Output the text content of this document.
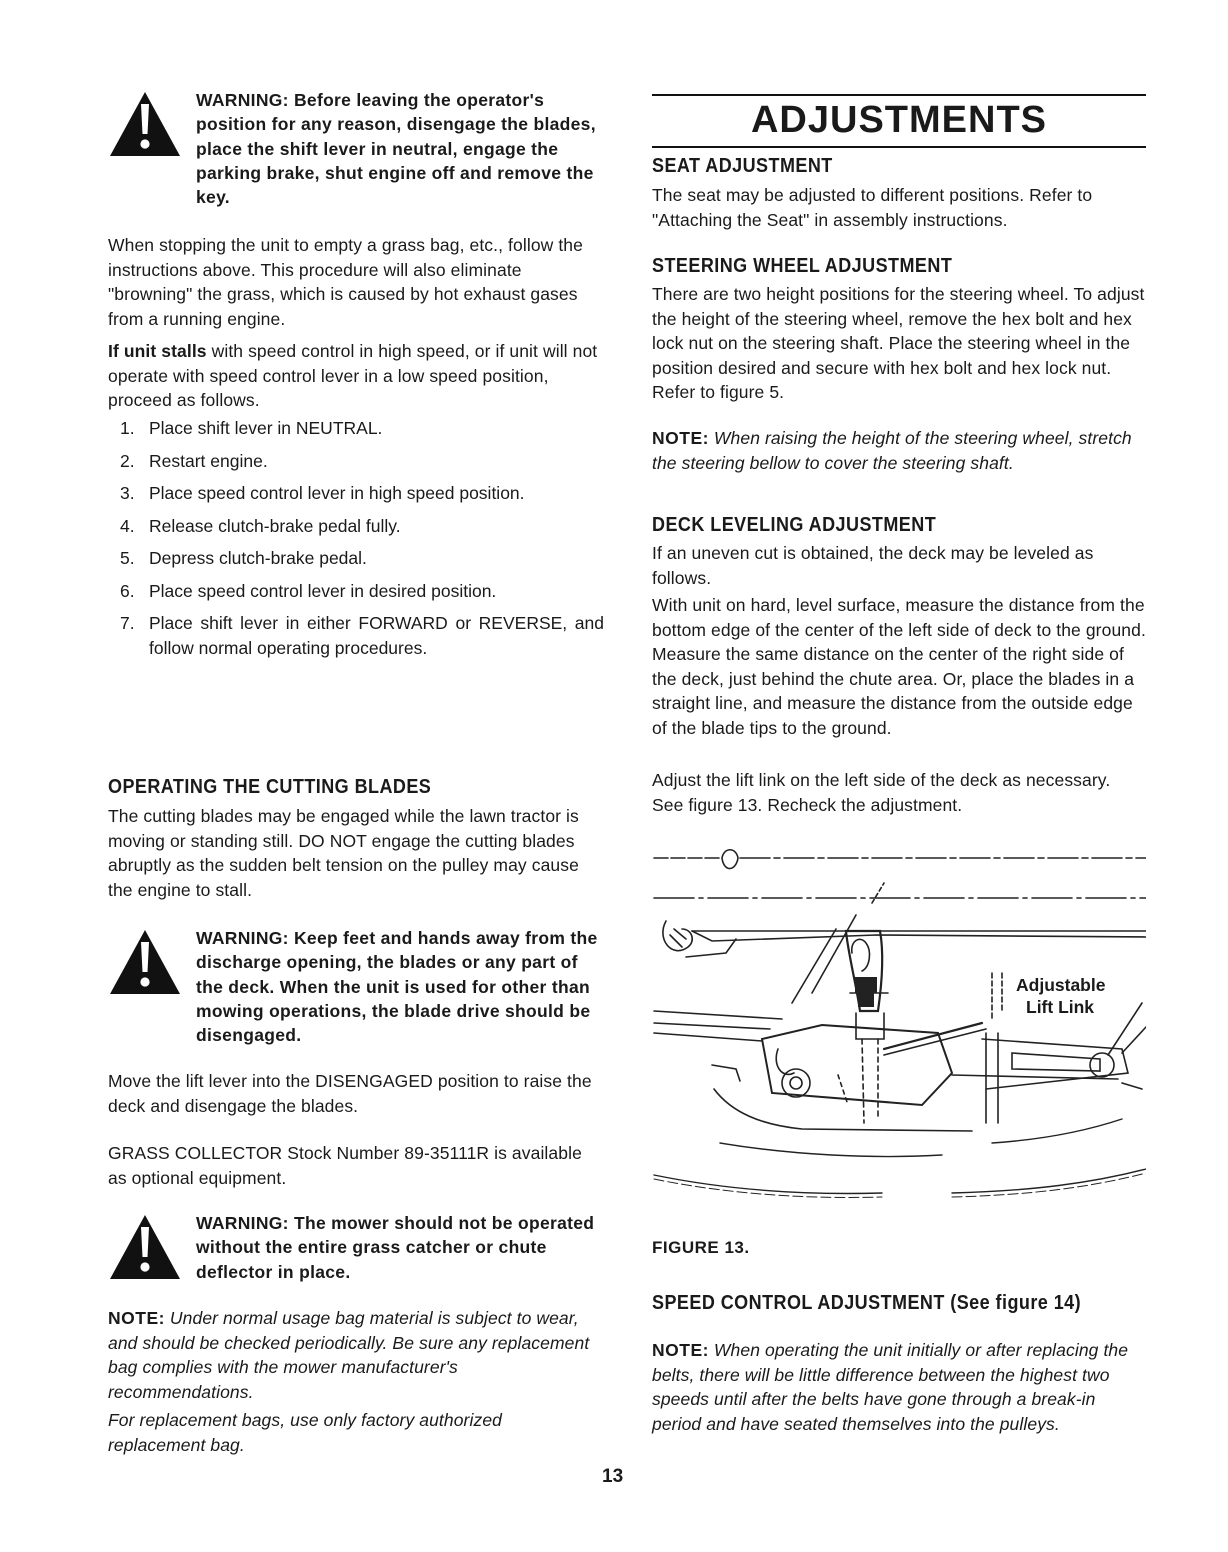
WARNING: Before leaving the operator's position for any reason, disengage the blades, place the shift lever in neutral, engage the parking brake, shut engine off and remove the key.

When stopping the unit to empty a grass bag, etc., follow the instructions above. This procedure will also eliminate "browning" the grass, which is caused by hot exhaust gases from a running engine.

If unit stalls with speed control in high speed, or if unit will not operate with speed control lever in a low speed position, proceed as follows.

1. Place shift lever in NEUTRAL.
2. Restart engine.
3. Place speed control lever in high speed position.
4. Release clutch-brake pedal fully.
5. Depress clutch-brake pedal.
6. Place speed control lever in desired position.
7. Place shift lever in either FORWARD or REVERSE, and follow normal operating procedures.
OPERATING THE CUTTING BLADES

The cutting blades may be engaged while the lawn tractor is moving or standing still. DO NOT engage the cutting blades abruptly as the sudden belt tension on the pulley may cause the engine to stall.

WARNING: Keep feet and hands away from the discharge opening, the blades or any part of the deck. When the unit is used for other than mowing operations, the blade drive should be disengaged.

Move the lift lever into the DISENGAGED position to raise the deck and disengage the blades.

GRASS COLLECTOR Stock Number 89-35111R is available as optional equipment.

WARNING: The mower should not be operated without the entire grass catcher or chute deflector in place.

NOTE: Under normal usage bag material is subject to wear, and should be checked periodically. Be sure any replacement bag complies with the mower manufacturer's recommendations.

For replacement bags, use only factory authorized replacement bag.

ADJUSTMENTS
SEAT ADJUSTMENT

The seat may be adjusted to different positions. Refer to "Attaching the Seat" in assembly instructions.

STEERING WHEEL ADJUSTMENT

There are two height positions for the steering wheel. To adjust the height of the steering wheel, remove the hex bolt and hex lock nut on the steering shaft. Place the steering wheel in the position desired and secure with hex bolt and hex lock nut. Refer to figure 5.

NOTE: When raising the height of the steering wheel, stretch the steering bellow to cover the steering shaft.

DECK LEVELING ADJUSTMENT

If an uneven cut is obtained, the deck may be leveled as follows.

With unit on hard, level surface, measure the distance from the bottom edge of the center of the left side of deck to the ground. Measure the same distance on the center of the right side of the deck, just behind the chute area. Or, place the blades in a straight line, and measure the distance from the outside edge of the blade tips to the ground.

Adjust the lift link on the left side of the deck as necessary. See figure 13. Recheck the adjustment.

FIGURE 13.
SPEED CONTROL ADJUSTMENT (See figure 14)

NOTE: When operating the unit initially or after replacing the belts, there will be little difference between the highest two speeds until after the belts have gone through a break-in period and have seated themselves into the pulleys.

Adjustable
Lift Link
13
